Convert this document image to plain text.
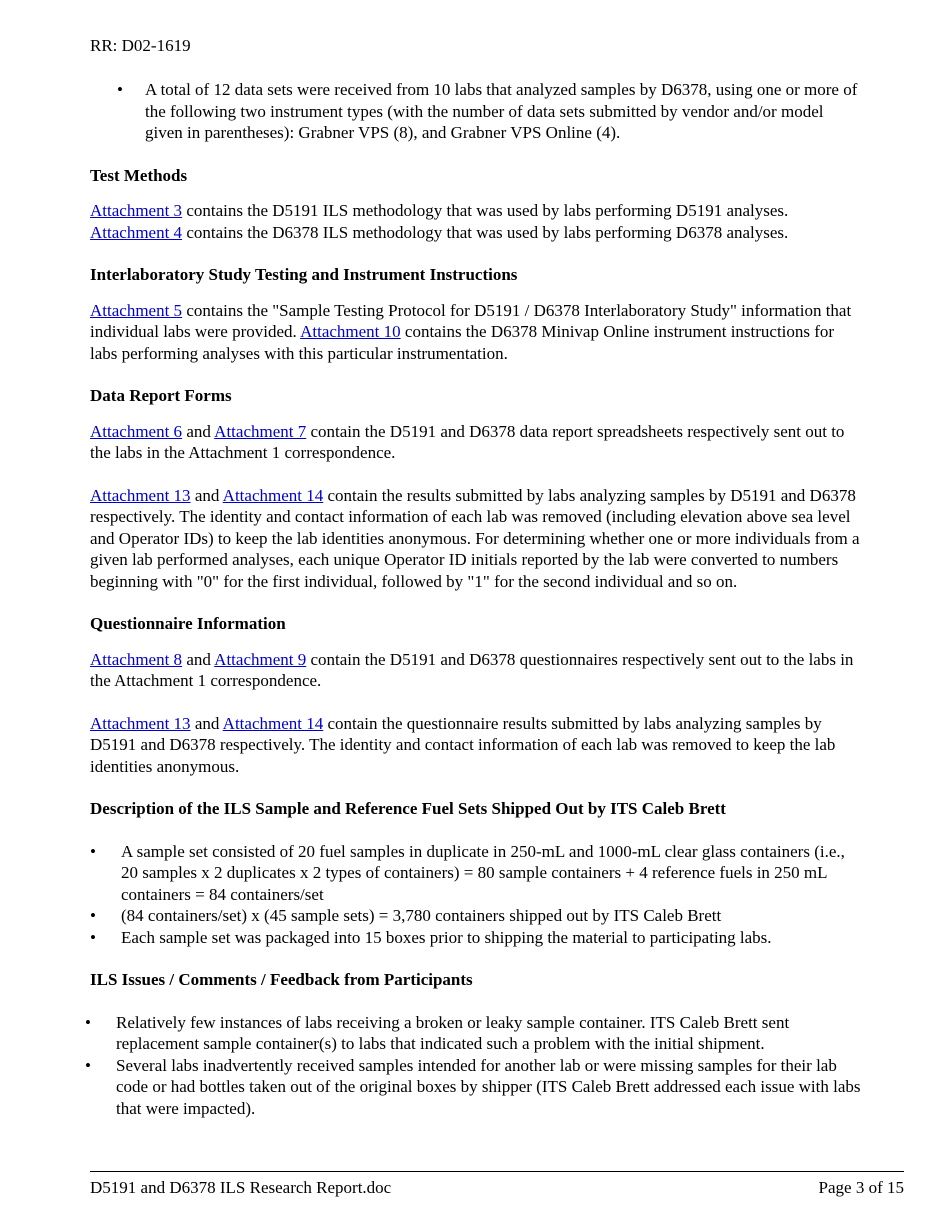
RR: D02-1619
• A total of 12 data sets were received from 10 labs that analyzed samples by D6378, using one or more of the following two instrument types (with the number of data sets submitted by vendor and/or model given in parentheses): Grabner VPS (8), and Grabner VPS Online (4).

Test Methods

Attachment 3 contains the D5191 ILS methodology that was used by labs performing D5191 analyses.
Attachment 4 contains the D6378 ILS methodology that was used by labs performing D6378 analyses.

Interlaboratory Study Testing and Instrument Instructions

Attachment 5 contains the "Sample Testing Protocol for D5191 / D6378 Interlaboratory Study" information that individual labs were provided. Attachment 10 contains the D6378 Minivap Online instrument instructions for labs performing analyses with this particular instrumentation.

Data Report Forms

Attachment 6 and Attachment 7 contain the D5191 and D6378 data report spreadsheets respectively sent out to the labs in the Attachment 1 correspondence.

Attachment 13 and Attachment 14 contain the results submitted by labs analyzing samples by D5191 and D6378 respectively. The identity and contact information of each lab was removed (including elevation above sea level and Operator IDs) to keep the lab identities anonymous. For determining whether one or more individuals from a given lab performed analyses, each unique Operator ID initials reported by the lab were converted to numbers beginning with "0" for the first individual, followed by "1" for the second individual and so on.

Questionnaire Information

Attachment 8 and Attachment 9 contain the D5191 and D6378 questionnaires respectively sent out to the labs in the Attachment 1 correspondence.

Attachment 13 and Attachment 14 contain the questionnaire results submitted by labs analyzing samples by D5191 and D6378 respectively. The identity and contact information of each lab was removed to keep the lab identities anonymous.

Description of the ILS Sample and Reference Fuel Sets Shipped Out by ITS Caleb Brett

• A sample set consisted of 20 fuel samples in duplicate in 250-mL and 1000-mL clear glass containers (i.e., 20 samples x 2 duplicates x 2 types of containers) = 80 sample containers + 4 reference fuels in 250 mL containers = 84 containers/set
• (84 containers/set) x (45 sample sets) = 3,780 containers shipped out by ITS Caleb Brett
• Each sample set was packaged into 15 boxes prior to shipping the material to participating labs.

ILS Issues / Comments / Feedback from Participants

• Relatively few instances of labs receiving a broken or leaky sample container. ITS Caleb Brett sent replacement sample container(s) to labs that indicated such a problem with the initial shipment.
• Several labs inadvertently received samples intended for another lab or were missing samples for their lab code or had bottles taken out of the original boxes by shipper (ITS Caleb Brett addressed each issue with labs that were impacted).
D5191 and D6378 ILS Research Report.doc	Page 3 of 15
